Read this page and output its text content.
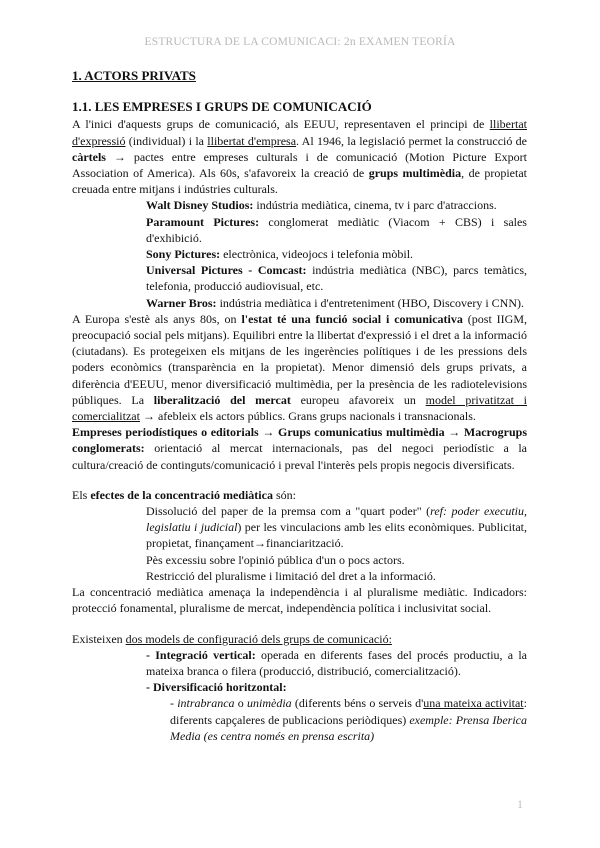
ESTRUCTURA DE LA COMUNICACI: 2n EXAMEN TEORÍA

1. ACTORS PRIVATS

1.1. LES EMPRESES I GRUPS DE COMUNICACIÓ

A l'inici d'aquests grups de comunicació, als EEUU, representaven el principi de llibertat d'expressió (individual) i la llibertat d'empresa. Al 1946, la legislació permet la construcció de càrtels → pactes entre empreses culturals i de comunicació (Motion Picture Export Association of America). Als 60s, s'afavoreix la creació de grups multimèdia, de propietat creuada entre mitjans i indústries culturals.

Walt Disney Studios: indústria mediàtica, cinema, tv i parc d'atraccions.

Paramount Pictures: conglomerat mediàtic (Viacom + CBS) i sales d'exhibició.

Sony Pictures: electrònica, videojocs i telefonia mòbil.

Universal Pictures - Comcast: indústria mediàtica (NBC), parcs temàtics, telefonia, producció audiovisual, etc.

Warner Bros: indústria mediàtica i d'entreteniment (HBO, Discovery i CNN).

A Europa s'estè als anys 80s, on l'estat té una funció social i comunicativa (post IIGM, preocupació social pels mitjans). Equilibri entre la llibertat d'expressió i el dret a la informació (ciutadans). Es protegeixen els mitjans de les ingerències polítiques i de les pressions dels poders econòmics (transparència en la propietat). Menor dimensió dels grups privats, a diferència d'EEUU, menor diversificació multimèdia, per la presència de les radiotelevisions públiques. La liberalització del mercat europeu afavoreix un model privatitzat i comercialitzat → afebleix els actors públics. Grans grups nacionals i transnacionals.

Empreses periodístiques o editorials → Grups comunicatius multimèdia → Macrogrups conglomerats: orientació al mercat internacionals, pas del negoci periodístic a la cultura/creació de continguts/comunicació i preval l'interès pels propis negocis diversificats.

Els efectes de la concentració mediàtica són:

Dissolució del paper de la premsa com a "quart poder" (ref: poder executiu, legislatiu i judicial) per les vinculacions amb les elits econòmiques. Publicitat, propietat, finançament→financiarització.

Pès excessiu sobre l'opinió pública d'un o pocs actors.

Restricció del pluralisme i limitació del dret a la informació.

La concentració mediàtica amenaça la independència i al pluralisme mediàtic. Indicadors: protecció fonamental, pluralisme de mercat, independència política i inclusivitat social.

Existeixen dos models de configuració dels grups de comunicació:

- Integració vertical: operada en diferents fases del procés productiu, a la mateixa branca o filera (producció, distribució, comercialització).

- Diversificació horitzontal:

- intrabranca o unimèdia (diferents béns o serveis d'una mateixa activitat: diferents capçaleres de publicacions periòdiques) exemple: Prensa Iberica Media (es centra només en prensa escrita)

1
